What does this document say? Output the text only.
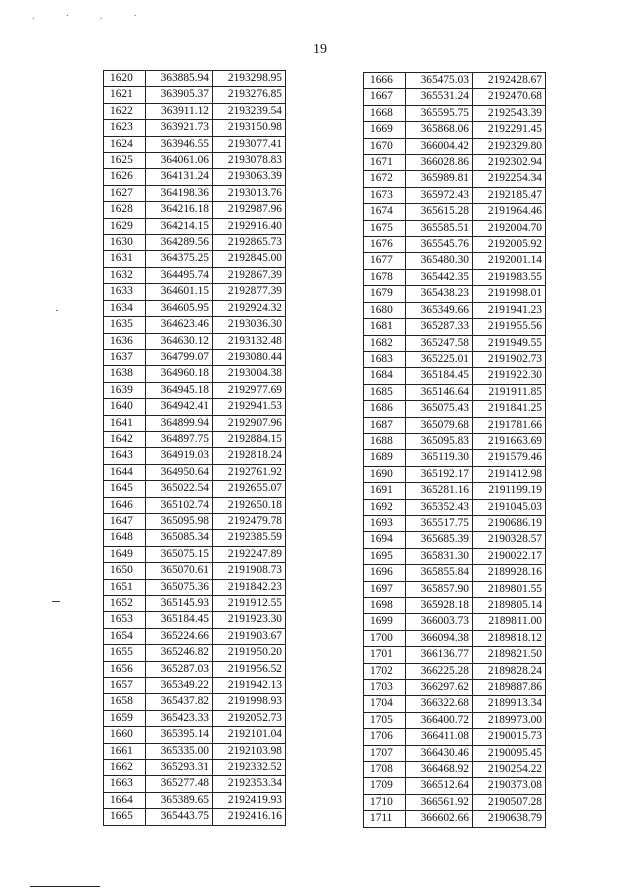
. · . ·
19
1620	363885.94	2193298.95
1621	363905.37	2193276.85
1622	363911.12	2193239.54
1623	363921.73	2193150.98
1624	363946.55	2193077.41
1625	364061.06	2193078.83
1626	364131.24	2193063.39
1627	364198.36	2193013.76
1628	364216.18	2192987.96
1629	364214.15	2192916.40
1630	364289.56	2192865.73
1631	364375.25	2192845.00
1632	364495.74	2192867.39
1633	364601.15	2192877.39
1634	364605.95	2192924.32
1635	364623.46	2193036.30
1636	364630.12	2193132.48
1637	364799.07	2193080.44
1638	364960.18	2193004.38
1639	364945.18	2192977.69
1640	364942.41	2192941.53
1641	364899.94	2192907.96
1642	364897.75	2192884.15
1643	364919.03	2192818.24
1644	364950.64	2192761.92
1645	365022.54	2192655.07
1646	365102.74	2192650.18
1647	365095.98	2192479.78
1648	365085.34	2192385.59
1649	365075.15	2192247.89
1650	365070.61	2191908.73
1651	365075.36	2191842.23
1652	365145.93	2191912.55
1653	365184.45	2191923.30
1654	365224.66	2191903.67
1655	365246.82	2191950.20
1656	365287.03	2191956.52
1657	365349.22	2191942.13
1658	365437.82	2191998.93
1659	365423.33	2192052.73
1660	365395.14	2192101.04
1661	365335.00	2192103.98
1662	365293.31	2192332.52
1663	365277.48	2192353.34
1664	365389.65	2192419.93
1665	365443.75	2192416.16
1666	365475.03	2192428.67
1667	365531.24	2192470.68
1668	365595.75	2192543.39
1669	365868.06	2192291.45
1670	366004.42	2192329.80
1671	366028.86	2192302.94
1672	365989.81	2192254.34
1673	365972.43	2192185.47
1674	365615.28	2191964.46
1675	365585.51	2192004.70
1676	365545.76	2192005.92
1677	365480.30	2192001.14
1678	365442.35	2191983.55
1679	365438.23	2191998.01
1680	365349.66	2191941.23
1681	365287.33	2191955.56
1682	365247.58	2191949.55
1683	365225.01	2191902.73
1684	365184.45	2191922.30
1685	365146.64	2191911.85
1686	365075.43	2191841.25
1687	365079.68	2191781.66
1688	365095.83	2191663.69
1689	365119.30	2191579.46
1690	365192.17	2191412.98
1691	365281.16	2191199.19
1692	365352.43	2191045.03
1693	365517.75	2190686.19
1694	365685.39	2190328.57
1695	365831.30	2190022.17
1696	365855.84	2189928.16
1697	365857.90	2189801.55
1698	365928.18	2189805.14
1699	366003.73	2189811.00
1700	366094.38	2189818.12
1701	366136.77	2189821.50
1702	366225.28	2189828.24
1703	366297.62	2189887.86
1704	366322.68	2189913.34
1705	366400.72	2189973.00
1706	366411.08	2190015.73
1707	366430.46	2190095.45
1708	366468.92	2190254.22
1709	366512.64	2190373.08
1710	366561.92	2190507.28
1711	366602.66	2190638.79
